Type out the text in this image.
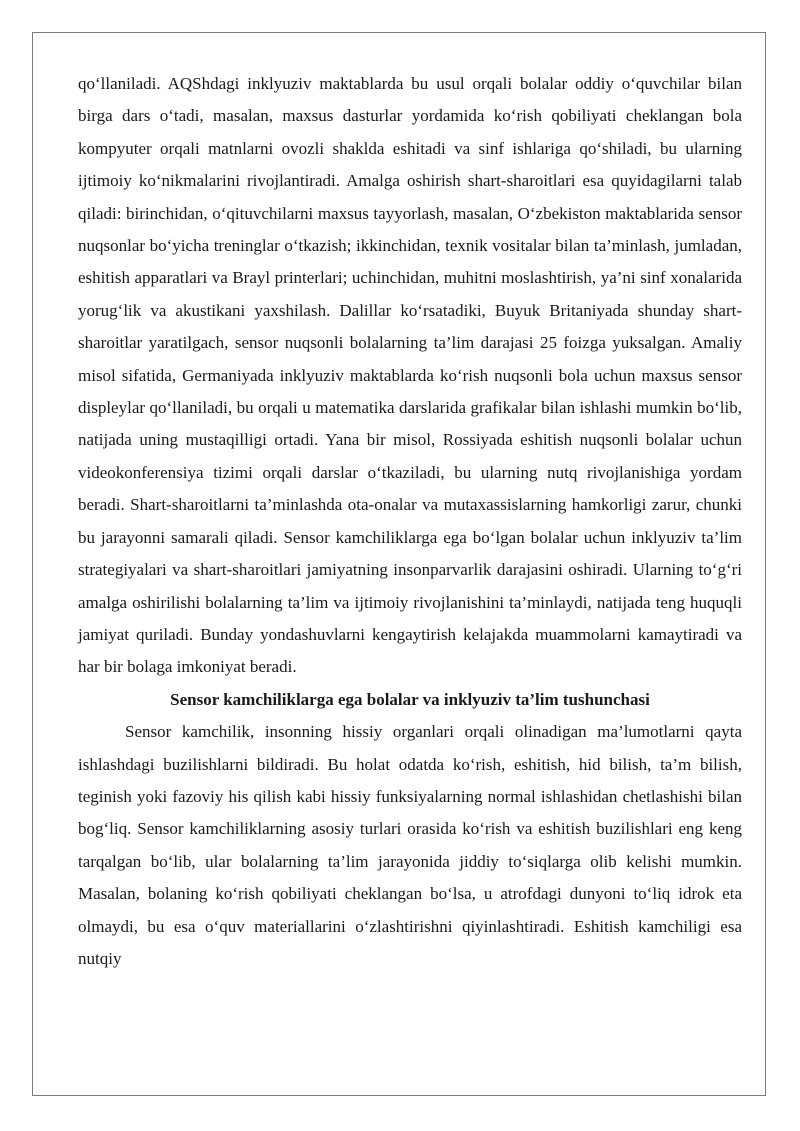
qo‘llaniladi. AQShdagi inklyuziv maktablarda bu usul orqali bolalar oddiy o‘quvchilar bilan birga dars o‘tadi, masalan, maxsus dasturlar yordamida ko‘rish qobiliyati cheklangan bola kompyuter orqali matnlarni ovozli shaklda eshitadi va sinf ishlariga qo‘shiladi, bu ularning ijtimoiy ko‘nikmalarini rivojlantiradi. Amalga oshirish shart-sharoitlari esa quyidagilarni talab qiladi: birinchidan, o‘qituvchilarni maxsus tayyorlash, masalan, O‘zbekiston maktablarida sensor nuqsonlar bo‘yicha treninglar o‘tkazish; ikkinchidan, texnik vositalar bilan ta’minlash, jumladan, eshitish apparatlari va Brayl printerlari; uchinchidan, muhitni moslashtirish, ya’ni sinf xonalarida yorug‘lik va akustikani yaxshilash. Dalillar ko‘rsatadiki, Buyuk Britaniyada shunday shart-sharoitlar yaratilgach, sensor nuqsonli bolalarning ta’lim darajasi 25 foizga yuksalgan. Amaliy misol sifatida, Germaniyada inklyuziv maktablarda ko‘rish nuqsonli bola uchun maxsus sensor displeylar qo‘llaniladi, bu orqali u matematika darslarida grafikalar bilan ishlashi mumkin bo‘lib, natijada uning mustaqilligi ortadi. Yana bir misol, Rossiyada eshitish nuqsonli bolalar uchun videokonferensiya tizimi orqali darslar o‘tkaziladi, bu ularning nutq rivojlanishiga yordam beradi. Shart-sharoitlarni ta’minlashda ota-onalar va mutaxassislarning hamkorligi zarur, chunki bu jarayonni samarali qiladi. Sensor kamchiliklarga ega bo‘lgan bolalar uchun inklyuziv ta’lim strategiyalari va shart-sharoitlari jamiyatning insonparvarlik darajasini oshiradi. Ularning to‘g‘ri amalga oshirilishi bolalarning ta’lim va ijtimoiy rivojlanishini ta’minlaydi, natijada teng huquqli jamiyat quriladi. Bunday yondashuvlarni kengaytirish kelajakda muammolarni kamaytiradi va har bir bolaga imkoniyat beradi.

Sensor kamchiliklarga ega bolalar va inklyuziv ta’lim tushunchasi

Sensor kamchilik, insonning hissiy organlari orqali olinadigan ma’lumotlarni qayta ishlashdagi buzilishlarni bildiradi. Bu holat odatda ko‘rish, eshitish, hid bilish, ta’m bilish, teginish yoki fazoviy his qilish kabi hissiy funksiyalarning normal ishlashidan chetlashishi bilan bog‘liq. Sensor kamchiliklarning asosiy turlari orasida ko‘rish va eshitish buzilishlari eng keng tarqalgan bo‘lib, ular bolalarning ta’lim jarayonida jiddiy to‘siqlarga olib kelishi mumkin. Masalan, bolaning ko‘rish qobiliyati cheklangan bo‘lsa, u atrofdagi dunyoni to‘liq idrok eta olmaydi, bu esa o‘quv materiallarini o‘zlashtirishni qiyinlashtiradi. Eshitish kamchiligi esa nutqiy
